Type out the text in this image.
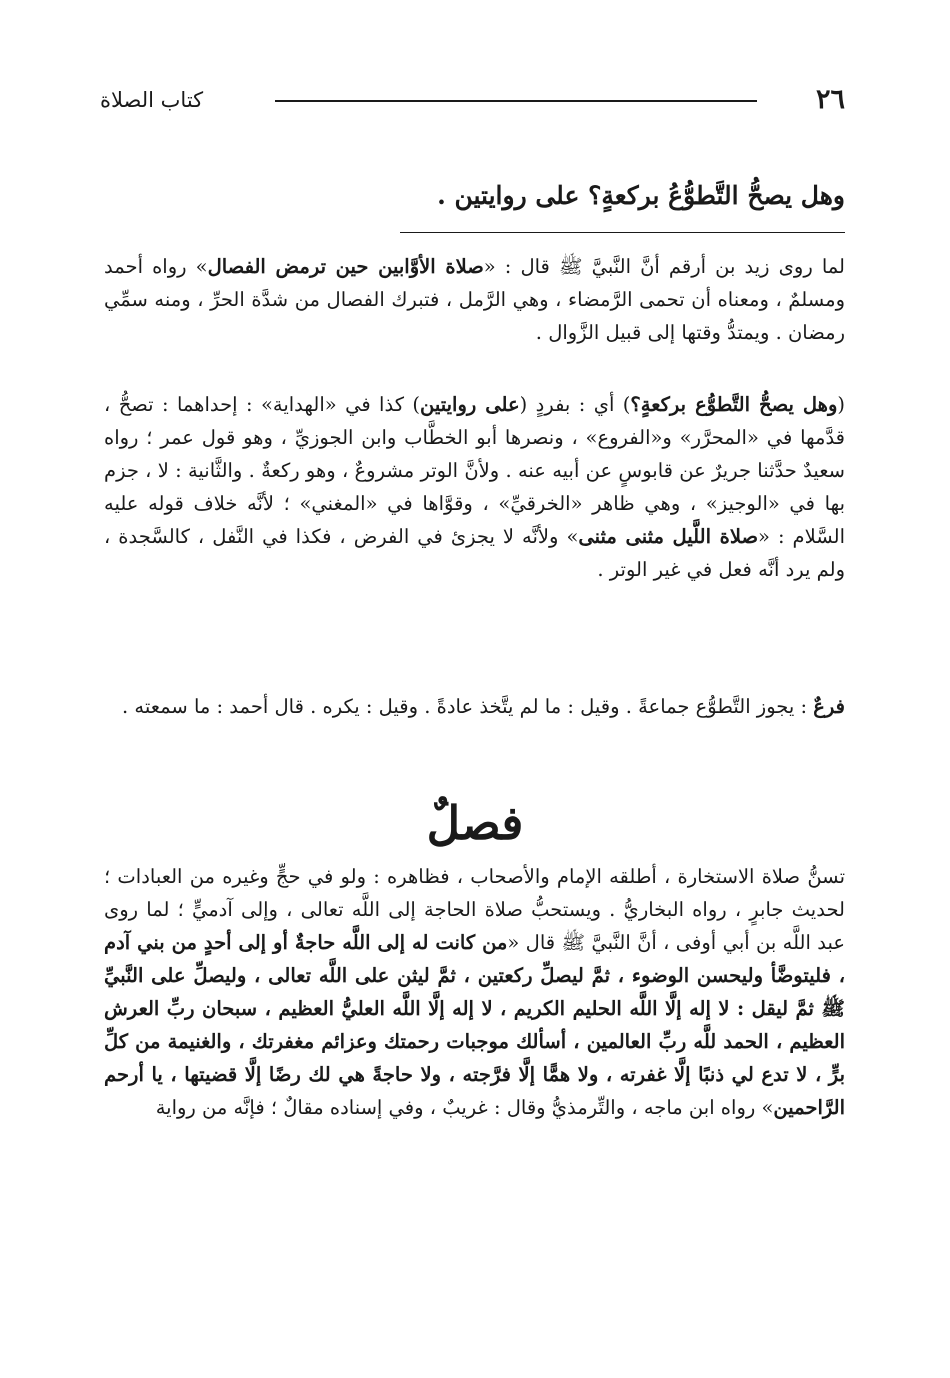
٢٦
كتاب الصلاة

وهل يصحُّ التَّطوُّعُ بركعةٍ؟ على روايتين .

لما روى زيد بن أرقم أنَّ النَّبيَّ ﷺ قال : «صلاة الأوَّابين حين ترمض الفصال» رواه أحمد ومسلمٌ ، ومعناه أن تحمى الرَّمضاء ، وهي الرَّمل ، فتبرك الفصال من شدَّة الحرِّ ، ومنه سمِّي رمضان . ويمتدُّ وقتها إلى قبيل الزَّوال .

(وهل يصحُّ التَّطوُّع بركعةٍ؟) أي : بفردٍ (على روايتين) كذا في «الهداية» : إحداهما : تصحُّ ، قدَّمها في «المحرَّر» و«الفروع» ، ونصرها أبو الخطَّاب وابن الجوزيِّ ، وهو قول عمر ؛ رواه سعيدٌ حدَّثنا جريرٌ عن قابوسٍ عن أبيه عنه . ولأنَّ الوتر مشروعٌ ، وهو ركعةٌ . والثَّانية : لا ، جزم بها في «الوجيز» ، وهي ظاهر «الخرقيِّ» ، وقوَّاها في «المغني» ؛ لأنَّه خلاف قوله عليه السَّلام : «صلاة اللَّيل مثنى مثنى» ولأنَّه لا يجزئ في الفرض ، فكذا في النَّفل ، كالسَّجدة ، ولم يرد أنَّه فعل في غير الوتر .

فرعٌ : يجوز التَّطوُّع جماعةً . وقيل : ما لم يتَّخذ عادةً . وقيل : يكره . قال أحمد : ما سمعته .

فصلٌ

تسنُّ صلاة الاستخارة ، أطلقه الإمام والأصحاب ، فظاهره : ولو في حجٍّ وغيره من العبادات ؛ لحديث جابرٍ ، رواه البخاريُّ . ويستحبُّ صلاة الحاجة إلى اللَّه تعالى ، وإلى آدميٍّ ؛ لما روى عبد اللَّه بن أبي أوفى ، أنَّ النَّبيَّ ﷺ قال «من كانت له إلى اللَّه حاجةٌ أو إلى أحدٍ من بني آدم ، فليتوضَّأ وليحسن الوضوء ، ثمَّ ليصلِّ ركعتين ، ثمَّ ليثن على اللَّه تعالى ، وليصلِّ على النَّبيِّ ﷺ ثمَّ ليقل : لا إله إلَّا اللَّه الحليم الكريم ، لا إله إلَّا اللَّه العليُّ العظيم ، سبحان ربِّ العرش العظيم ، الحمد للَّه ربِّ العالمين ، أسألك موجبات رحمتك وعزائم مغفرتك ، والغنيمة من كلِّ برٍّ ، لا تدع لي ذنبًا إلَّا غفرته ، ولا همًّا إلَّا فرَّجته ، ولا حاجةً هي لك رضًا إلَّا قضيتها ، يا أرحم الرَّاحمين» رواه ابن ماجه ، والتِّرمذيُّ وقال : غريبٌ ، وفي إسناده مقالٌ ؛ فإنَّه من رواية
